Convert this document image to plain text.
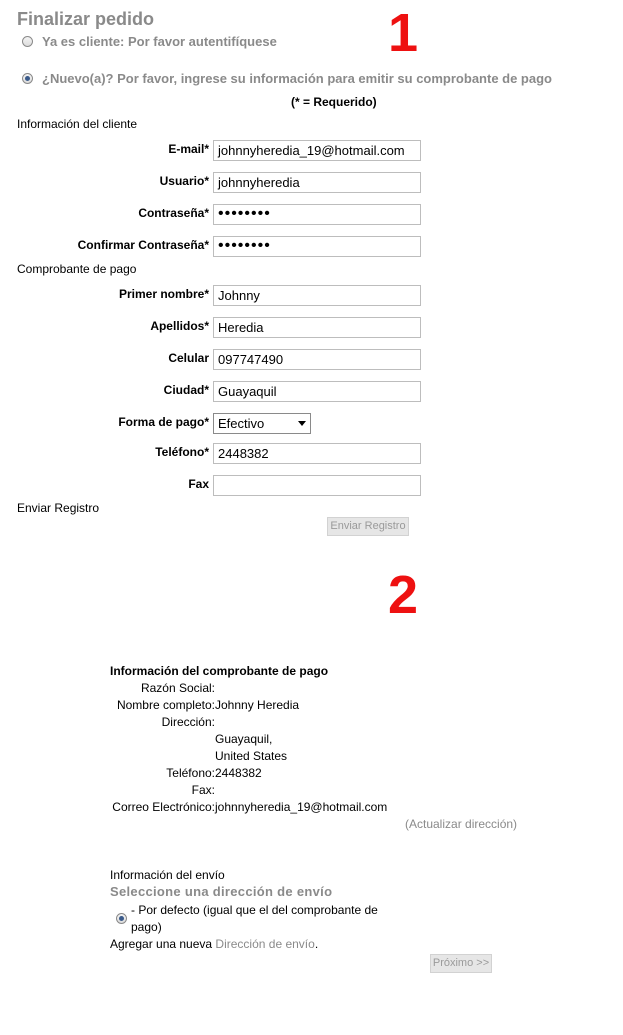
Finalizar pedido	1
Ya es cliente: Por favor autentifíquese
¿Nuevo(a)? Por favor, ingrese su información para emitir su comprobante de pago
(* = Requerido)
Información del cliente
E-mail* johnnyheredia_19@hotmail.com
Usuario* johnnyheredia
Contraseña* ••••••••
Confirmar Contraseña* ••••••••
Comprobante de pago
Primer nombre* Johnny
Apellidos* Heredia
Celular 097747490
Ciudad* Guayaquil
Forma de pago* Efectivo
Teléfono* 2448382
Fax
Enviar Registro
Enviar Registro
2
Información del comprobante de pago
Razón Social:
Nombre completo: Johnny Heredia
Dirección:
Guayaquil,
United States
Teléfono: 2448382
Fax:
Correo Electrónico: johnnyheredia_19@hotmail.com
(Actualizar dirección)
Información del envío
Seleccione una dirección de envío
- Por defecto (igual que el del comprobante de
pago)
Agregar una nueva Dirección de envío.
Próximo >>
